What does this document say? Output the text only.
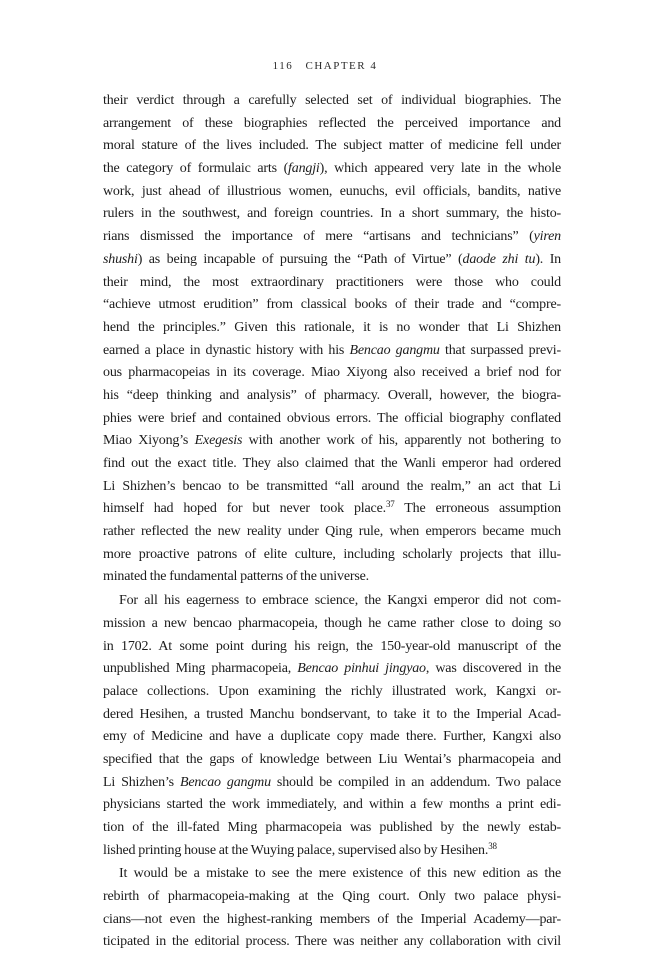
116 CHAPTER 4
their verdict through a carefully selected set of individual biographies. The
arrangement of these biographies reflected the perceived importance and
moral stature of the lives included. The subject matter of medicine fell under
the category of formulaic arts (fangji), which appeared very late in the whole
work, just ahead of illustrious women, eunuchs, evil officials, bandits, native
rulers in the southwest, and foreign countries. In a short summary, the histo-
rians dismissed the importance of mere “artisans and technicians” (yiren
shushi) as being incapable of pursuing the “Path of Virtue” (daode zhi tu). In
their mind, the most extraordinary practitioners were those who could
“achieve utmost erudition” from classical books of their trade and “compre-
hend the principles.” Given this rationale, it is no wonder that Li Shizhen
earned a place in dynastic history with his Bencao gangmu that surpassed previ-
ous pharmacopeias in its coverage. Miao Xiyong also received a brief nod for
his “deep thinking and analysis” of pharmacy. Overall, however, the biogra-
phies were brief and contained obvious errors. The official biography conflated
Miao Xiyong’s Exegesis with another work of his, apparently not bothering to
find out the exact title. They also claimed that the Wanli emperor had ordered
Li Shizhen’s bencao to be transmitted “all around the realm,” an act that Li
himself had hoped for but never took place.$^{37}$ The erroneous assumption
rather reflected the new reality under Qing rule, when emperors became much
more proactive patrons of elite culture, including scholarly projects that illu-
minated the fundamental patterns of the universe.
For all his eagerness to embrace science, the Kangxi emperor did not com-
mission a new bencao pharmacopeia, though he came rather close to doing so
in 1702. At some point during his reign, the 150-year-old manuscript of the
unpublished Ming pharmacopeia, Bencao pinhui jingyao, was discovered in the
palace collections. Upon examining the richly illustrated work, Kangxi or-
dered Hesihen, a trusted Manchu bondservant, to take it to the Imperial Acad-
emy of Medicine and have a duplicate copy made there. Further, Kangxi also
specified that the gaps of knowledge between Liu Wentai’s pharmacopeia and
Li Shizhen’s Bencao gangmu should be compiled in an addendum. Two palace
physicians started the work immediately, and within a few months a print edi-
tion of the ill-fated Ming pharmacopeia was published by the newly estab-
lished printing house at the Wuying palace, supervised also by Hesihen.$^{38}$
It would be a mistake to see the mere existence of this new edition as the
rebirth of pharmacopeia-making at the Qing court. Only two palace physi-
cians—not even the highest-ranking members of the Imperial Academy—par-
ticipated in the editorial process. There was neither any collaboration with civil
